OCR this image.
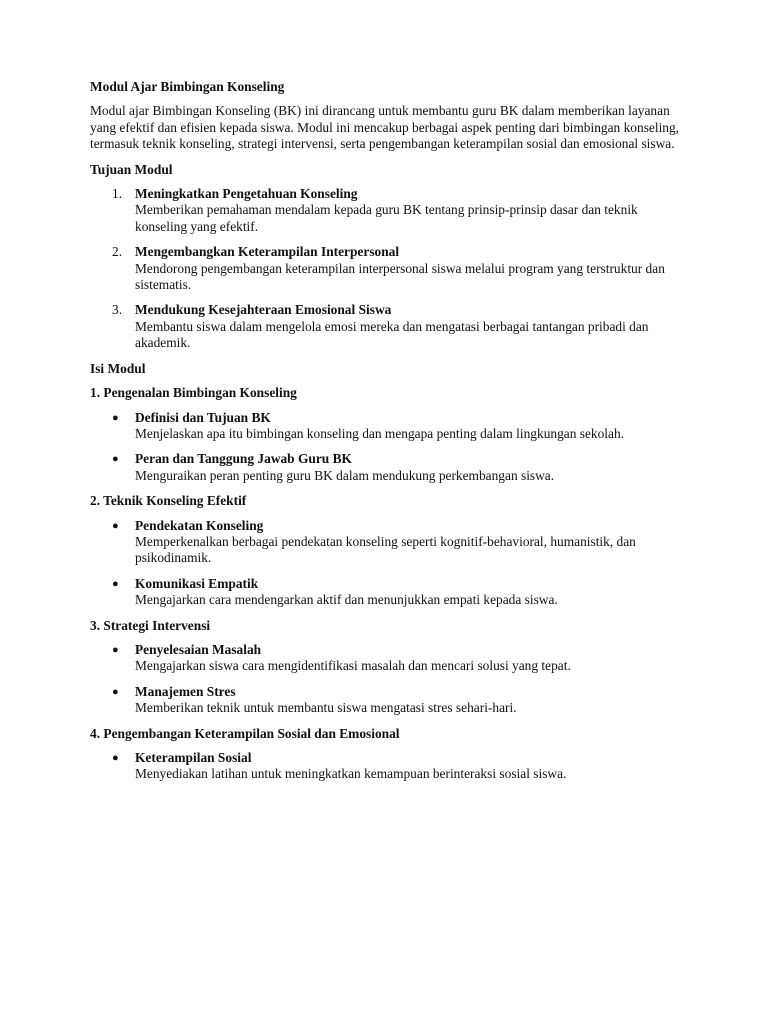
Modul Ajar Bimbingan Konseling
Modul ajar Bimbingan Konseling (BK) ini dirancang untuk membantu guru BK dalam memberikan layanan yang efektif dan efisien kepada siswa. Modul ini mencakup berbagai aspek penting dari bimbingan konseling, termasuk teknik konseling, strategi intervensi, serta pengembangan keterampilan sosial dan emosional siswa.
Tujuan Modul
1. Meningkatkan Pengetahuan Konseling
Memberikan pemahaman mendalam kepada guru BK tentang prinsip-prinsip dasar dan teknik konseling yang efektif.
2. Mengembangkan Keterampilan Interpersonal
Mendorong pengembangan keterampilan interpersonal siswa melalui program yang terstruktur dan sistematis.
3. Mendukung Kesejahteraan Emosional Siswa
Membantu siswa dalam mengelola emosi mereka dan mengatasi berbagai tantangan pribadi dan akademik.
Isi Modul
1. Pengenalan Bimbingan Konseling
● Definisi dan Tujuan BK
Menjelaskan apa itu bimbingan konseling dan mengapa penting dalam lingkungan sekolah.
● Peran dan Tanggung Jawab Guru BK
Menguraikan peran penting guru BK dalam mendukung perkembangan siswa.
2. Teknik Konseling Efektif
● Pendekatan Konseling
Memperkenalkan berbagai pendekatan konseling seperti kognitif-behavioral, humanistik, dan psikodinamik.
● Komunikasi Empatik
Mengajarkan cara mendengarkan aktif dan menunjukkan empati kepada siswa.
3. Strategi Intervensi
● Penyelesaian Masalah
Mengajarkan siswa cara mengidentifikasi masalah dan mencari solusi yang tepat.
● Manajemen Stres
Memberikan teknik untuk membantu siswa mengatasi stres sehari-hari.
4. Pengembangan Keterampilan Sosial dan Emosional
● Keterampilan Sosial
Menyediakan latihan untuk meningkatkan kemampuan berinteraksi sosial siswa.
